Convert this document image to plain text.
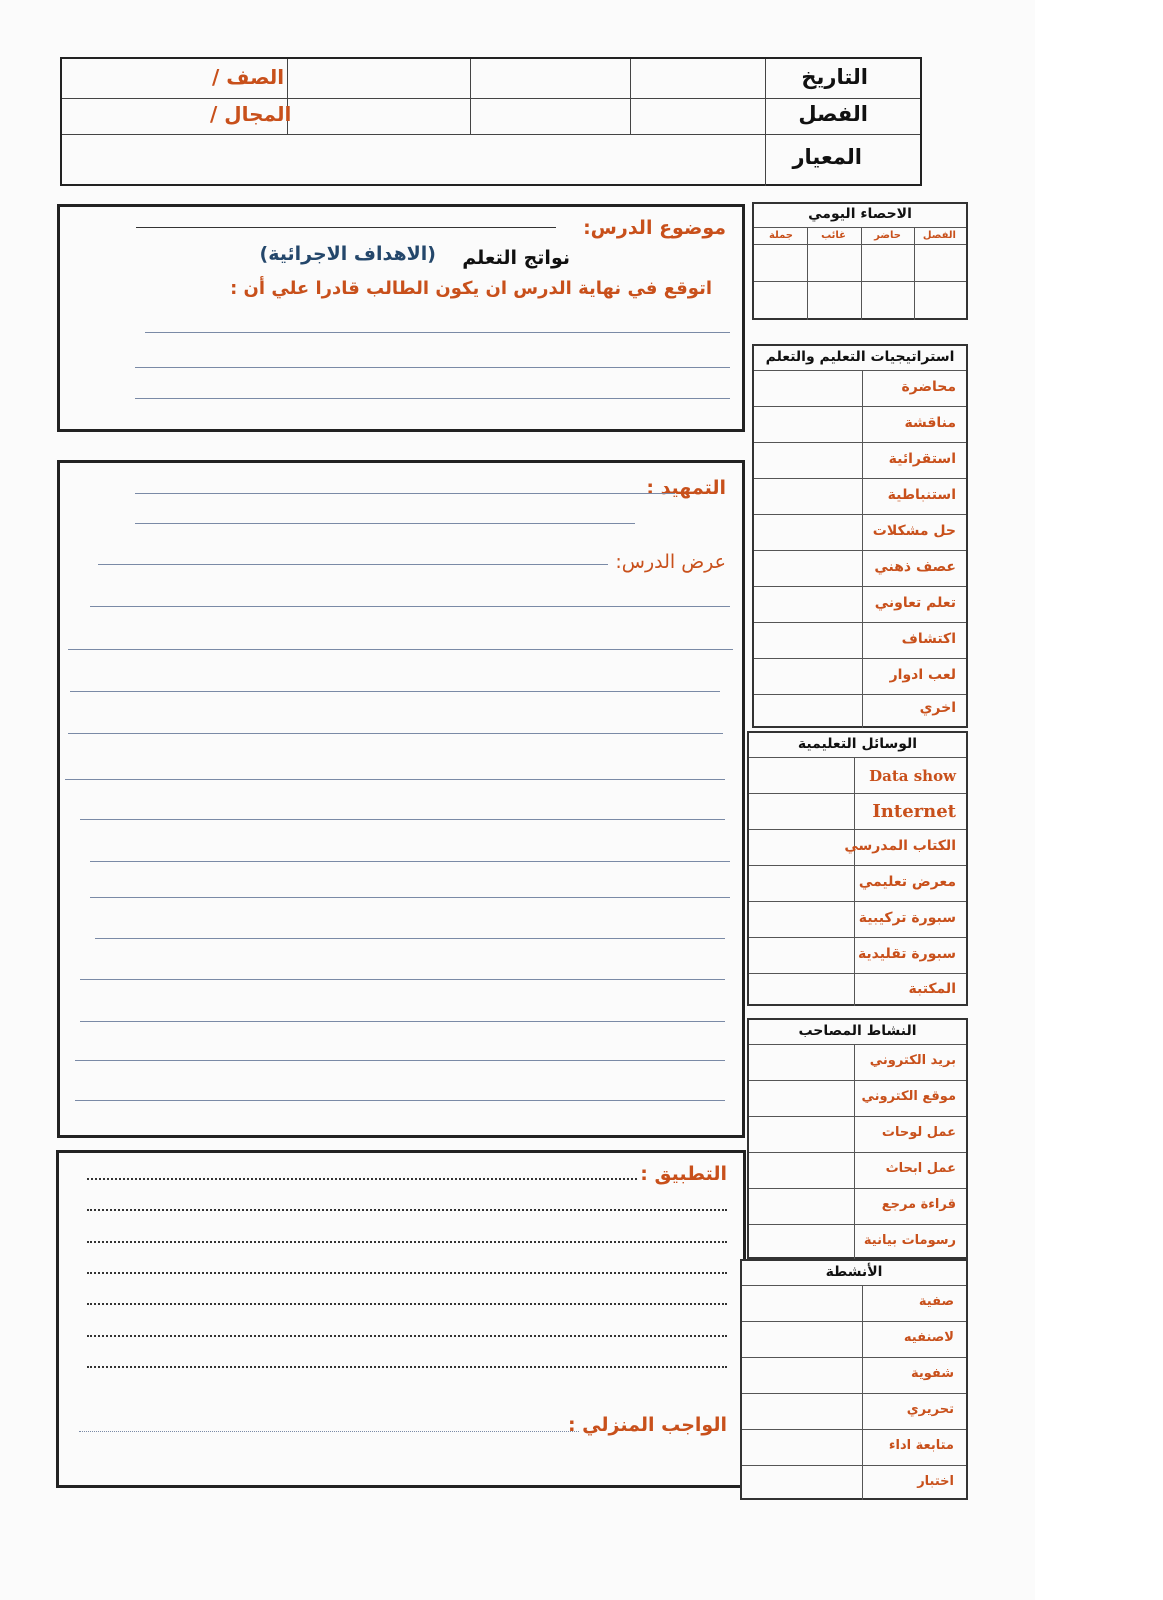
التاريخ
الفصل
المعيار
الصف /
المجال /
موضوع الدرس:
نواتج التعلم
(الاهداف الاجرائية)
اتوقع في نهاية الدرس ان يكون الطالب قادرا علي أن :
التمهيد :
عرض الدرس:
التطبيق :
الواجب المنزلي :
الاحصاء اليومي
الفصل
حاضر
غائب
جملة
استراتيجيات التعليم والتعلم
محاضرة
مناقشة
استقرائية
استنباطية
حل مشكلات
عصف ذهني
تعلم تعاوني
اكتشاف
لعب ادوار
اخري
الوسائل التعليمية
Data show
Internet
الكتاب المدرسي
معرض تعليمي
سبورة تركيبية
سبورة تقليدية
المكتبة
النشاط المصاحب
بريد الكتروني
موقع الكتروني
عمل لوحات
عمل ابحاث
قراءة مرجع
رسومات بيانية
الأنشطة
صفية
لاصنفيه
شفوية
تحريري
متابعة اداء
اختبار
